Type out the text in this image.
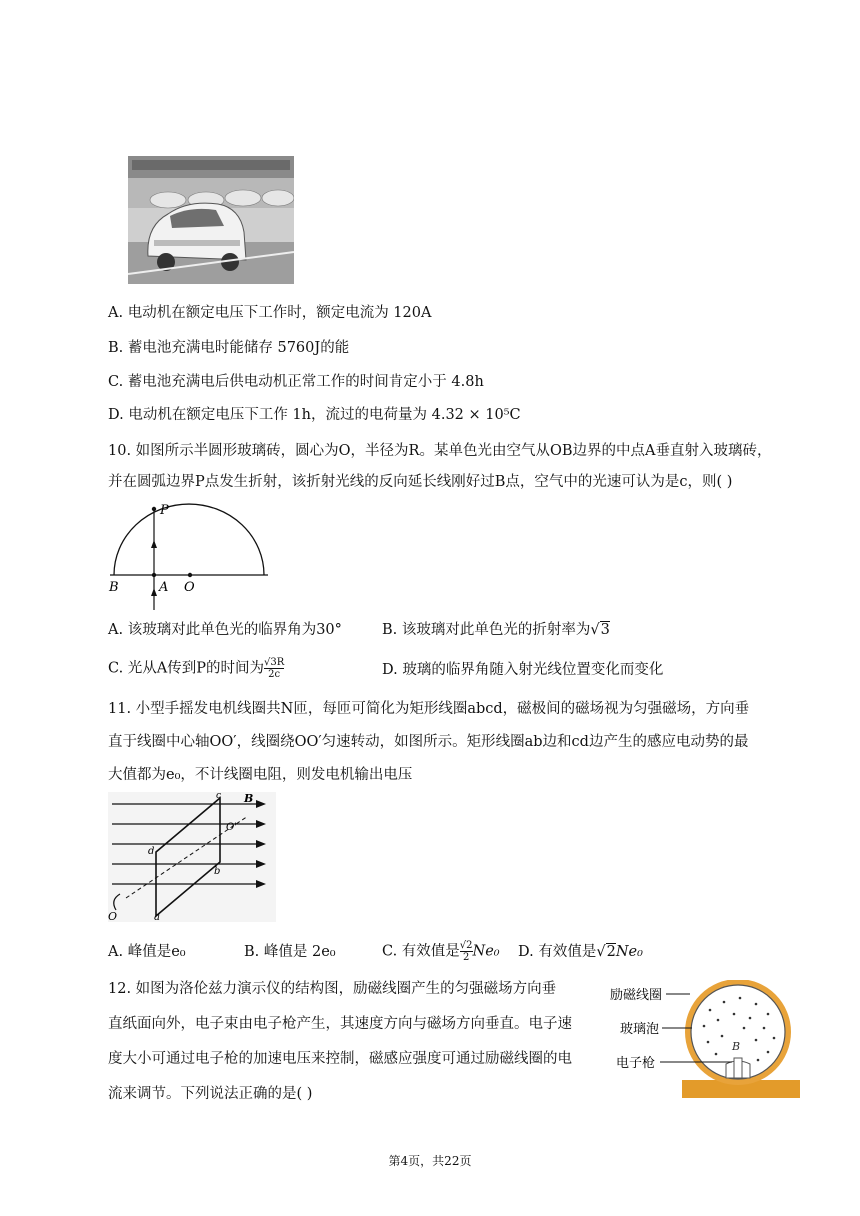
A. 电动机在额定电压下工作时，额定电流为 120A
B. 蓄电池充满电时能储存 5760J的能
C. 蓄电池充满电后供电动机正常工作的时间肯定小于 4.8h
D. 电动机在额定电压下工作 1h，流过的电荷量为 4.32 × 10⁵C
10. 如图所示半圆形玻璃砖，圆心为O，半径为R。某单色光由空气从OB边界的中点A垂直射入玻璃砖，
并在圆弧边界P点发生折射，该折射光线的反向延长线刚好过B点，空气中的光速可认为是c，则( )
P
B	A O
A. 该玻璃对此单色光的临界角为30°	B. 该玻璃对此单色光的折射率为√3
C. 光从A传到P的时间为$\frac{√3R}{2c}$	D. 玻璃的临界角随入射光线位置变化而变化
11. 小型手摇发电机线圈共N匝，每匝可简化为矩形线圈abcd，磁极间的磁场视为匀强磁场，方向垂
直于线圈中心轴OO′，线圈绕OO′匀速转动，如图所示。矩形线圈ab边和cd边产生的感应电动势的最
大值都为e₀，不计线圈电阻，则发电机输出电压
B
c
O'
d
b
a
O
A. 峰值是e₀	B. 峰值是 2e₀	C. 有效值是$\frac{√2}{2} Ne_0$ D. 有效值是√2Ne₀
12. 如图为洛伦兹力演示仪的结构图，励磁线圈产生的匀强磁场方向垂
直纸面向外，电子束由电子枪产生，其速度方向与磁场方向垂直。电子速
度大小可通过电子枪的加速电压来控制，磁感应强度可通过励磁线圈的电
流来调节。下列说法正确的是( )
B
励磁线圈
玻璃泡
电子枪
第4页，共22页
